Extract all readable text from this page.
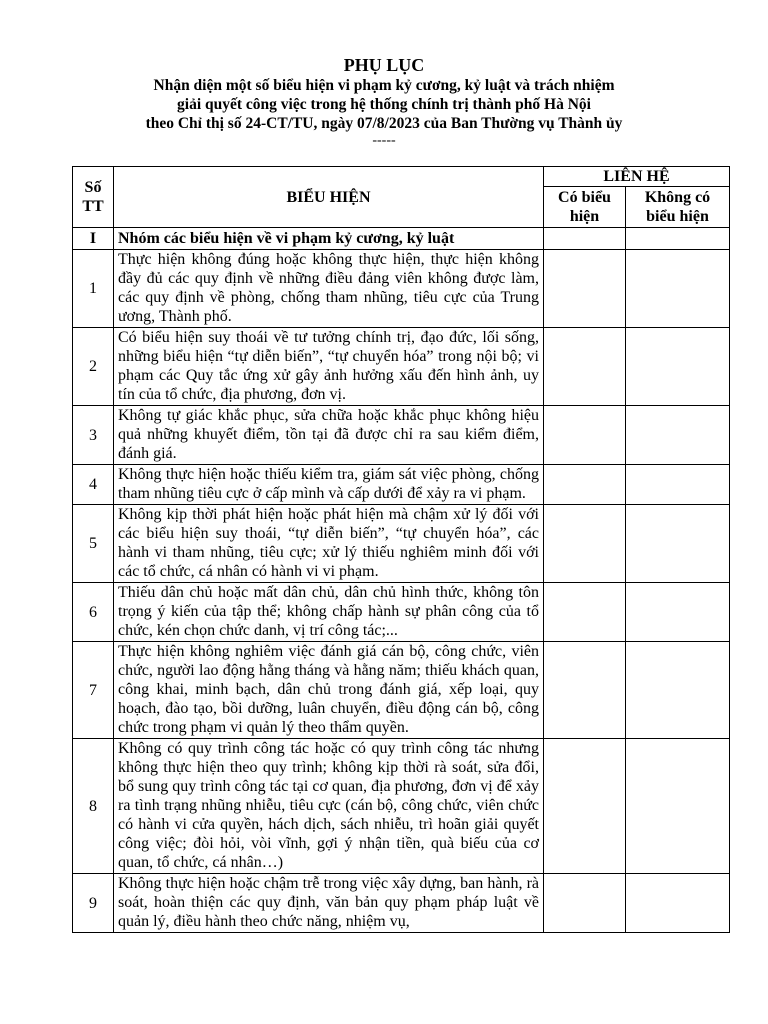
PHỤ LỤC
Nhận diện một số biểu hiện vi phạm kỷ cương, kỷ luật và trách nhiệm
giải quyết công việc trong hệ thống chính trị thành phố Hà Nội
theo Chỉ thị số 24-CT/TU, ngày 07/8/2023 của Ban Thường vụ Thành ủy
-----
Số TT	BIỂU HIỆN	LIÊN HỆ	
		Có biểu hiện	Không có biểu hiện
I	Nhóm các biểu hiện về vi phạm kỷ cương, kỷ luật		
1	Thực hiện không đúng hoặc không thực hiện, thực hiện không đầy đủ các quy định về những điều đảng viên không được làm, các quy định về phòng, chống tham nhũng, tiêu cực của Trung ương, Thành phố.		
2	Có biểu hiện suy thoái về tư tưởng chính trị, đạo đức, lối sống, những biểu hiện “tự diễn biến”, “tự chuyển hóa” trong nội bộ; vi phạm các Quy tắc ứng xử gây ảnh hưởng xấu đến hình ảnh, uy tín của tổ chức, địa phương, đơn vị.		
3	Không tự giác khắc phục, sửa chữa hoặc khắc phục không hiệu quả những khuyết điểm, tồn tại đã được chỉ ra sau kiểm điểm, đánh giá.		
4	Không thực hiện hoặc thiếu kiểm tra, giám sát việc phòng, chống tham nhũng tiêu cực ở cấp mình và cấp dưới để xảy ra vi phạm.		
5	Không kịp thời phát hiện hoặc phát hiện mà chậm xử lý đối với các biểu hiện suy thoái, “tự diễn biến”, “tự chuyển hóa”, các hành vi tham nhũng, tiêu cực; xử lý thiếu nghiêm minh đối với các tổ chức, cá nhân có hành vi vi phạm.		
6	Thiếu dân chủ hoặc mất dân chủ, dân chủ hình thức, không tôn trọng ý kiến của tập thể; không chấp hành sự phân công của tổ chức, kén chọn chức danh, vị trí công tác;...		
7	Thực hiện không nghiêm việc đánh giá cán bộ, công chức, viên chức, người lao động hằng tháng và hằng năm; thiếu khách quan, công khai, minh bạch, dân chủ trong đánh giá, xếp loại, quy hoạch, đào tạo, bồi dưỡng, luân chuyển, điều động cán bộ, công chức trong phạm vi quản lý theo thẩm quyền.		
8	Không có quy trình công tác hoặc có quy trình công tác nhưng không thực hiện theo quy trình; không kịp thời rà soát, sửa đổi, bổ sung quy trình công tác tại cơ quan, địa phương, đơn vị để xảy ra tình trạng nhũng nhiễu, tiêu cực (cán bộ, công chức, viên chức có hành vi cửa quyền, hách dịch, sách nhiễu, trì hoãn giải quyết công việc; đòi hỏi, vòi vĩnh, gợi ý nhận tiền, quà biếu của cơ quan, tổ chức, cá nhân…)		
9	Không thực hiện hoặc chậm trễ trong việc xây dựng, ban hành, rà soát, hoàn thiện các quy định, văn bản quy phạm pháp luật về quản lý, điều hành theo chức năng, nhiệm vụ,		
